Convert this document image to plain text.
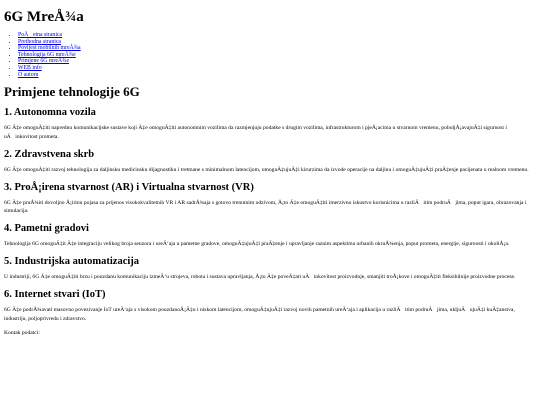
6G MreÅ¾a
• PoÄetna stranica
• Prethodna stranica
• Povijest mobilnih mreÅ¾a
• Tehnologija 6G mreÅ¾e
• Primjene 6G mreÅ¾e
• WEB info
• O autoru
Primjene tehnologije 6G
1. Autonomna vozila

6G Ä‡e omoguÄ‡iti naprednu komunikacijske sustave koji Ä‡e omoguÄ‡iti autonomnim vozilima da razmjenjuju podatke s drugim vozilima, infrastrukturom i pjeÅ¡acima u stvarnom vremenu, poboljÅ¡avajuÄ‡i sigurnost i uÄinkovitost prometa.

2. Zdravstvena skrb

6G Ä‡e omoguÄ‡iti razvoj tehnologija za daljinsku medicinsku dijagnostiku i tretmane s minimalnom latencijom, omoguÄ‡ujuÄ‡i kirurzima da izvode operacije na daljinu i omoguÄ‡ujuÄ‡i praÄ‡enje pacijenata u realnom vremenu.

3. ProÅ¡irena stvarnost (AR) i Virtualna stvarnost (VR)

6G Ä‡e pruÅ¾iti dovoljno Å¡irinu pojasa za prijenos visokokvalitetnih VR i AR sadrÅ¾aja s gotovo trenutnim odzivom, Å¡to Ä‡e omoguÄ‡iti imerzivno iskustvo korisnicima u razliÄitim podruÄjima, poput igara, obrazovanja i simulacija.

4. Pametni gradovi

Tehnologija 6G omoguÄ‡it Ä‡e integraciju velikog broja senzora i ureÄ‘aja u pametne gradove, omoguÄ‡ujuÄ‡i praÄ‡enje i upravljanje raznim aspektima urbanih okruÅ¾enja, poput prometa, energije, sigurnosti i okoliÅ¡a.

5. Industrijska automatizacija

U industriji, 6G Ä‡e omoguÄ‡iti brzu i pouzdanu komunikaciju izmeÄ‘u strojeva, robota i sustava upravljanja, Å¡to Ä‡e poveÄ‡ati uÄinkovitost proizvodnje, smanjiti troÅ¡kove i omoguÄ‡iti fleksibilnije proizvodne procese.

6. Internet stvari (IoT)

6G Ä‡e podrÅ¾avati masovno povezivanje IoT ureÄ‘aja s visokom pouzdanoÅ¡Ä‡u i niskom latencijom, omoguÄ‡ujuÄ‡i razvoj novih pametnih ureÄ‘aja i aplikacija u razliÄitim podruÄjima, ukljuÄujuÄ‡i kuÄ‡anstva, industriju, poljoprivredu i zdravstvo.

Kontak podatci:
